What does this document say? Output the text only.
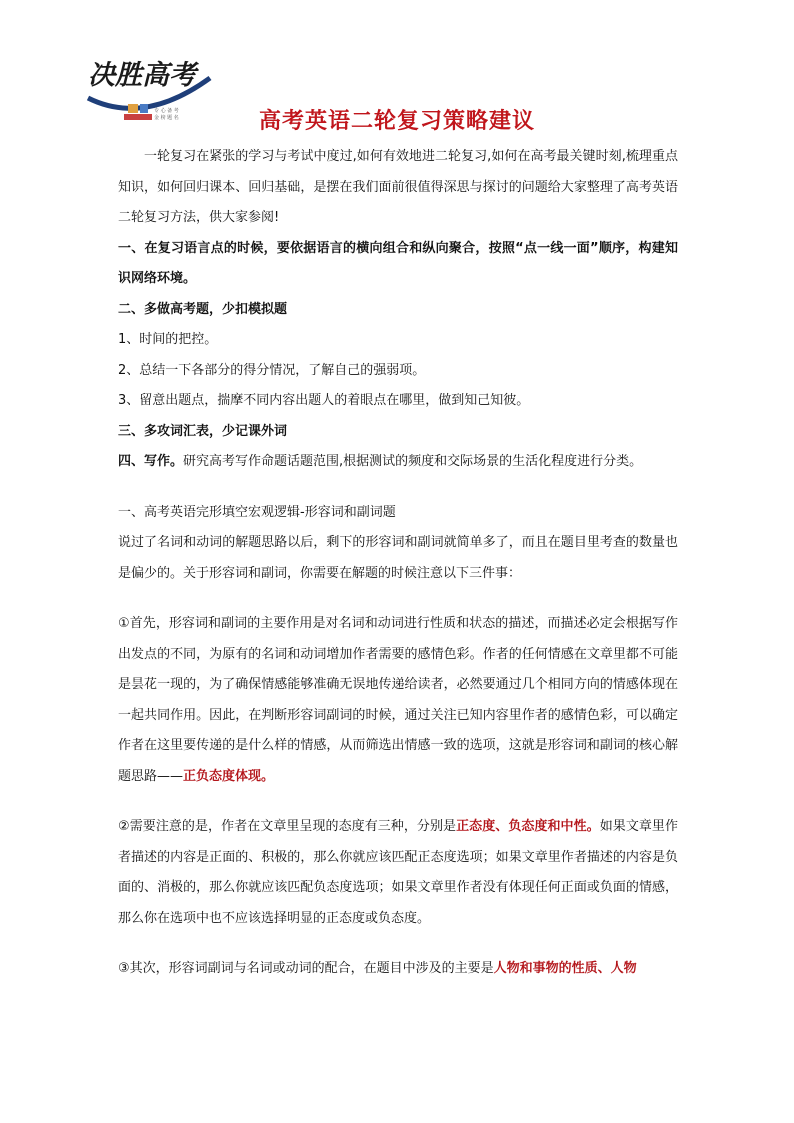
决胜高考
专 心 备 考
金 榜 题 名	高考英语二轮复习策略建议

一轮复习在紧张的学习与考试中度过,如何有效地进二轮复习,如何在高考最关键时刻,梳理重点知识，如何回归课本、回归基础，是摆在我们面前很值得深思与探讨的问题给大家整理了高考英语二轮复习方法，供大家参阅!

一、在复习语言点的时候，要依据语言的横向组合和纵向聚合，按照“点一线一面”顺序，构建知识网络环境。

二、多做高考题，少扣模拟题

1、时间的把控。

2、总结一下各部分的得分情况，了解自己的强弱项。

3、留意出题点，揣摩不同内容出题人的着眼点在哪里，做到知己知彼。

三、多攻词汇表，少记课外词

四、写作。研究高考写作命题话题范围,根据测试的频度和交际场景的生活化程度进行分类。

一、高考英语完形填空宏观逻辑-形容词和副词题

说过了名词和动词的解题思路以后，剩下的形容词和副词就简单多了，而且在题目里考查的数量也是偏少的。关于形容词和副词，你需要在解题的时候注意以下三件事：

①首先，形容词和副词的主要作用是对名词和动词进行性质和状态的描述，而描述必定会根据写作出发点的不同，为原有的名词和动词增加作者需要的感情色彩。作者的任何情感在文章里都不可能是昙花一现的，为了确保情感能够准确无误地传递给读者，必然要通过几个相同方向的情感体现在一起共同作用。因此，在判断形容词副词的时候，通过关注已知内容里作者的感情色彩，可以确定作者在这里要传递的是什么样的情感，从而筛选出情感一致的选项，这就是形容词和副词的核心解题思路——正负态度体现。

②需要注意的是，作者在文章里呈现的态度有三种，分别是正态度、负态度和中性。如果文章里作者描述的内容是正面的、积极的，那么你就应该匹配正态度选项；如果文章里作者描述的内容是负面的、消极的，那么你就应该匹配负态度选项；如果文章里作者没有体现任何正面或负面的情感，那么你在选项中也不应该选择明显的正态度或负态度。

③其次，形容词副词与名词或动词的配合，在题目中涉及的主要是人物和事物的性质、人物
